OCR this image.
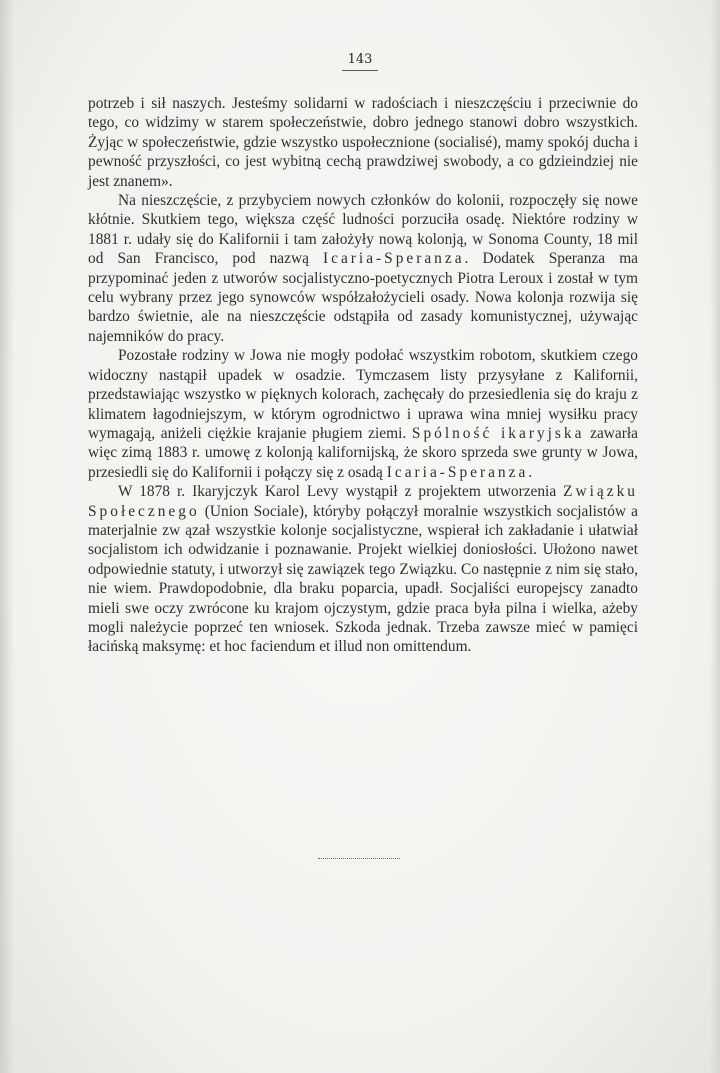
143

potrzeb i sił naszych. Jesteśmy solidarni w radościach i nieszczęściu i przeciwnie do tego, co widzimy w starem społeczeństwie, dobro jednego stanowi dobro wszystkich. Żyjąc w społeczeństwie, gdzie wszystko uspołecznione (socialisé), mamy spokój ducha i pewność przyszłości, co jest wybitną cechą prawdziwej swobody, a co gdzieindziej nie jest znanem».

Na nieszczęście, z przybyciem nowych członków do kolonii, rozpoczęły się nowe kłótnie. Skutkiem tego, większa część ludności porzuciła osadę. Niektóre rodziny w 1881 r. udały się do Kalifornii i tam założyły nową kolonją, w Sonoma County, 18 mil od San Francisco, pod nazwą Icaria-Speranza. Dodatek Speranza ma przypominać jeden z utworów socjalistyczno-poetycznych Piotra Leroux i został w tym celu wybrany przez jego synowców współzałożycieli osady. Nowa kolonja rozwija się bardzo świetnie, ale na nieszczęście odstąpiła od zasady komunistycznej, używając najemników do pracy.

Pozostałe rodziny w Jowa nie mogły podołać wszystkim robotom, skutkiem czego widoczny nastąpił upadek w osadzie. Tymczasem listy przysyłane z Kalifornii, przedstawiając wszystko w pięknych kolorach, zachęcały do przesiedlenia się do kraju z klimatem łagodniejszym, w którym ogrodnictwo i uprawa wina mniej wysiłku pracy wymagają, aniżeli ciężkie krajanie pługiem ziemi. Spólność ikaryjska zawarła więc zimą 1883 r. umowę z kolonją kalifornijską, że skoro sprzeda swe grunty w Jowa, przesiedli się do Kalifornii i połączy się z osadą Icaria-Speranza.

W 1878 r. Ikaryjczyk Karol Levy wystąpił z projektem utworzenia Związku Społecznego (Union Sociale), któryby połączył moralnie wszystkich socjalistów a materjalnie zw ązał wszystkie kolonje socjalistyczne, wspierał ich zakładanie i ułatwiał socjalistom ich odwidzanie i poznawanie. Projekt wielkiej doniosłości. Ułożono nawet odpowiednie statuty, i utworzył się zawiązek tego Związku. Co następnie z nim się stało, nie wiem. Prawdopodobnie, dla braku poparcia, upadł. Socjaliści europejscy zanadto mieli swe oczy zwrócone ku krajom ojczystym, gdzie praca była pilna i wielka, ażeby mogli należycie poprzeć ten wniosek. Szkoda jednak. Trzeba zawsze mieć w pamięci łacińską maksymę: et hoc faciendum et illud non omittendum.
